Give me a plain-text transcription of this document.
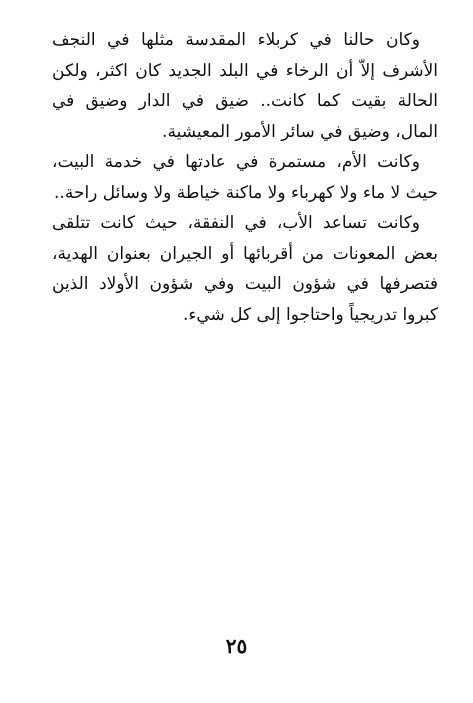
وكان حالنا في كربلاء المقدسة مثلها في النجف الأشرف إلاّ أن الرخاء في البلد الجديد كان اكثر، ولكن الحالة بقيت كما كانت.. ضيق في الدار وضيق في المال، وضيق في سائر الأمور المعيشية.

وكانت الأم، مستمرة في عادتها في خدمة البيت، حيث لا ماء ولا كهرباء ولا ماكنة خياطة ولا وسائل راحة..

وكانت تساعد الأب، في النفقة، حيث كانت تتلقى بعض المعونات من أقربائها أو الجيران بعنوان الهدية، فتصرفها في شؤون البيت وفي شؤون الأولاد الذين كبروا تدريجياً واحتاجوا إلى كل شيء.

٢٥
